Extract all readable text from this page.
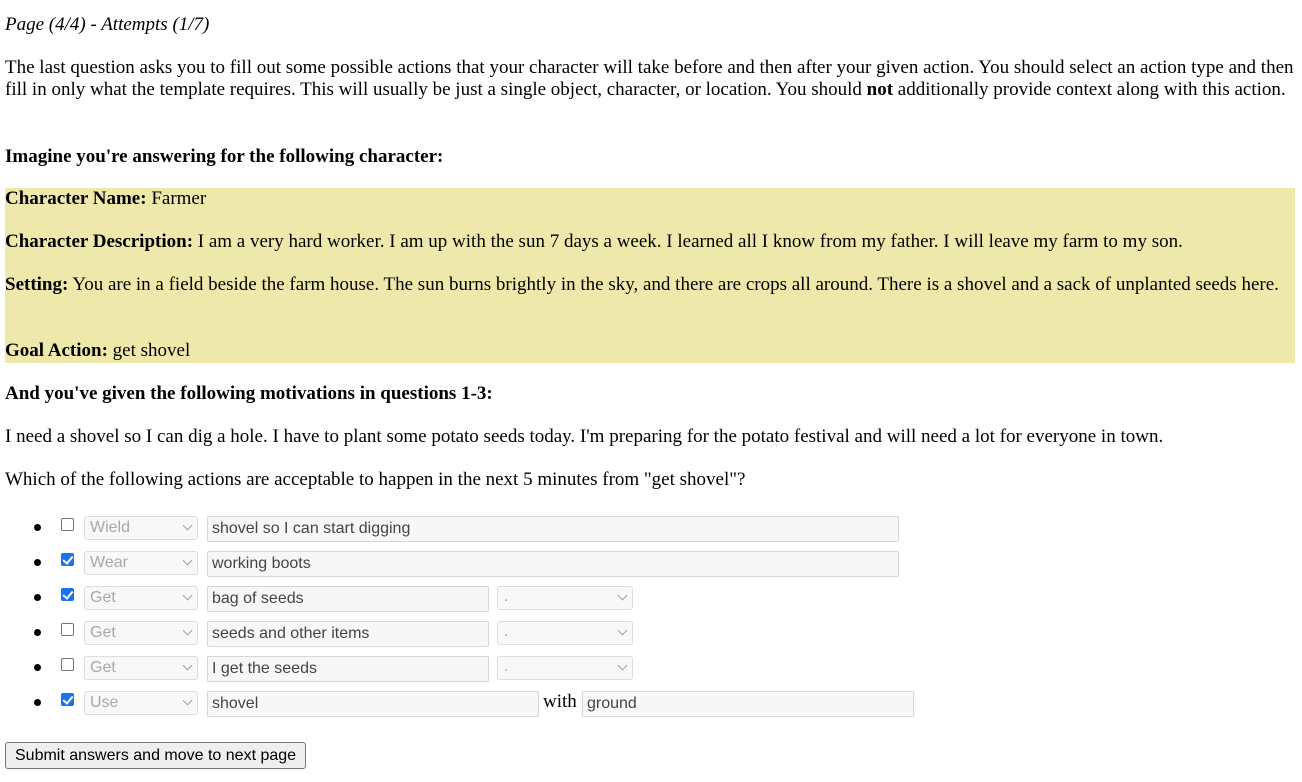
Page (4/4) - Attempts (1/7)

The last question asks you to fill out some possible actions that your character will take before and then after your given action. You should select an action type and then fill in only what the template requires. This will usually be just a single object, character, or location. You should not additionally provide context along with this action.

Imagine you're answering for the following character:

Character Name: Farmer

Character Description: I am a very hard worker. I am up with the sun 7 days a week. I learned all I know from my father. I will leave my farm to my son.

Setting: You are in a field beside the farm house. The sun burns brightly in the sky, and there are crops all around. There is a shovel and a sack of unplanted seeds here.

Goal Action: get shovel

And you've given the following motivations in questions 1-3:

I need a shovel so I can dig a hole. I have to plant some potato seeds today. I'm preparing for the potato festival and will need a lot for everyone in town.

Which of the following actions are acceptable to happen in the next 5 minutes from "get shovel"?

Wield	shovel so I can start digging
Wear	working boots
Get	bag of seeds	.
Get	seeds and other items	.
Get	I get the seeds	.
Use	shovel	with ground
Submit answers and move to next page
